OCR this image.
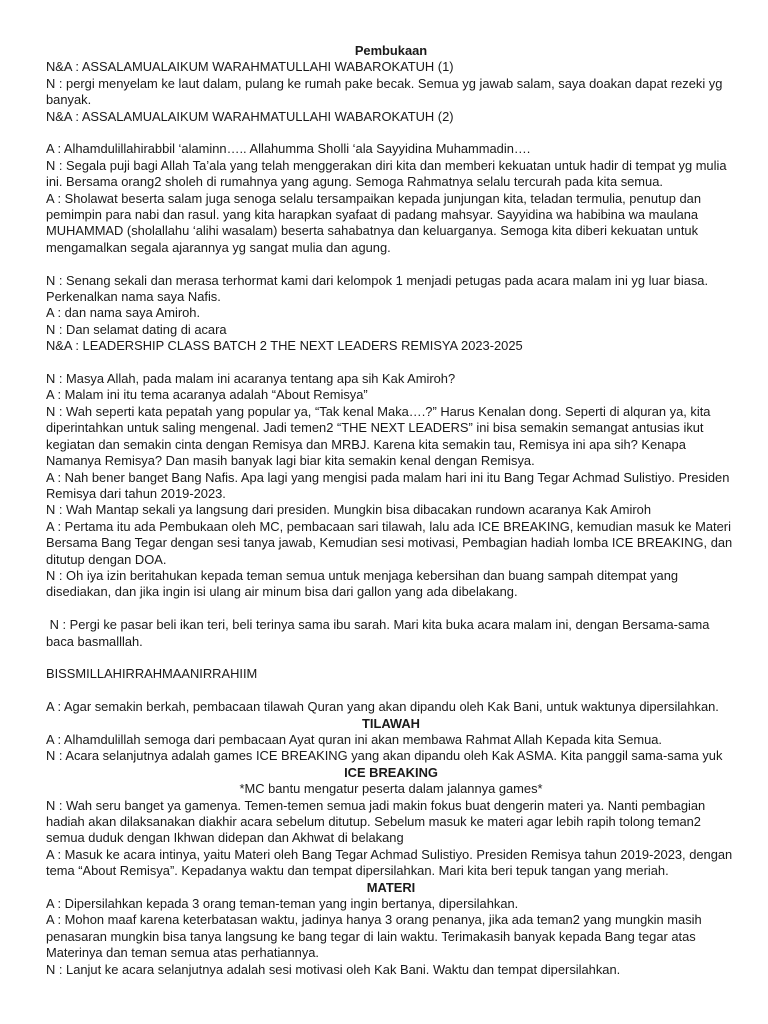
Pembukaan
N&A : ASSALAMUALAIKUM WARAHMATULLAHI WABAROKATUH (1)
N : pergi menyelam ke laut dalam, pulang ke rumah pake becak. Semua yg jawab salam, saya doakan dapat rezeki yg banyak.
N&A : ASSALAMUALAIKUM WARAHMATULLAHI WABAROKATUH (2)
A : Alhamdulillahirabbil ‘alaminn….. Allahumma Sholli ‘ala Sayyidina Muhammadin….
N : Segala puji bagi Allah Ta’ala yang telah menggerakan diri kita dan memberi kekuatan untuk hadir di tempat yg mulia ini. Bersama orang2 sholeh di rumahnya yang agung. Semoga Rahmatnya selalu tercurah pada kita semua.
A : Sholawat beserta salam juga senoga selalu tersampaikan kepada junjungan kita, teladan termulia, penutup dan pemimpin para nabi dan rasul. yang kita harapkan syafaat di padang mahsyar. Sayyidina wa habibina wa maulana MUHAMMAD (sholallahu ‘alihi wasalam) beserta sahabatnya dan keluarganya. Semoga kita diberi kekuatan untuk mengamalkan segala ajarannya yg sangat mulia dan agung.
N : Senang sekali dan merasa terhormat kami dari kelompok 1 menjadi petugas pada acara malam ini yg luar biasa. Perkenalkan nama saya Nafis.
A : dan nama saya Amiroh.
N : Dan selamat dating di acara
N&A : LEADERSHIP CLASS BATCH 2 THE NEXT LEADERS REMISYA 2023-2025
N : Masya Allah, pada malam ini acaranya tentang apa sih Kak Amiroh?
A : Malam ini itu tema acaranya adalah “About Remisya”
N : Wah seperti kata pepatah yang popular ya, “Tak kenal Maka….?” Harus Kenalan dong. Seperti di alquran ya, kita diperintahkan untuk saling mengenal. Jadi temen2 “THE NEXT LEADERS” ini bisa semakin semangat antusias ikut kegiatan dan semakin cinta dengan Remisya dan MRBJ. Karena kita semakin tau, Remisya ini apa sih? Kenapa Namanya Remisya? Dan masih banyak lagi biar kita semakin kenal dengan Remisya.
A : Nah bener banget Bang Nafis. Apa lagi yang mengisi pada malam hari ini itu Bang Tegar Achmad Sulistiyo. Presiden Remisya dari tahun 2019-2023.
N : Wah Mantap sekali ya langsung dari presiden. Mungkin bisa dibacakan rundown acaranya Kak Amiroh
A : Pertama itu ada Pembukaan oleh MC, pembacaan sari tilawah, lalu ada ICE BREAKING, kemudian masuk ke Materi Bersama Bang Tegar dengan sesi tanya jawab, Kemudian sesi motivasi, Pembagian hadiah lomba ICE BREAKING, dan ditutup dengan DOA.
N : Oh iya izin beritahukan kepada teman semua untuk menjaga kebersihan dan buang sampah ditempat yang disediakan, dan jika ingin isi ulang air minum bisa dari gallon yang ada dibelakang.
N : Pergi ke pasar beli ikan teri, beli terinya sama ibu sarah. Mari kita buka acara malam ini, dengan Bersama-sama baca basmalllah.
BISSMILLAHIRRAHMAANIRRAHIIM
A : Agar semakin berkah, pembacaan tilawah Quran yang akan dipandu oleh Kak Bani, untuk waktunya dipersilahkan.
TILAWAH
A : Alhamdulillah semoga dari pembacaan Ayat quran ini akan membawa Rahmat Allah Kepada kita Semua.
N : Acara selanjutnya adalah games ICE BREAKING yang akan dipandu oleh Kak ASMA. Kita panggil sama-sama yuk
ICE BREAKING
*MC bantu mengatur peserta dalam jalannya games*
N : Wah seru banget ya gamenya. Temen-temen semua jadi makin fokus buat dengerin materi ya. Nanti pembagian hadiah akan dilaksanakan diakhir acara sebelum ditutup. Sebelum masuk ke materi agar lebih rapih tolong teman2 semua duduk dengan Ikhwan didepan dan Akhwat di belakang
A : Masuk ke acara intinya, yaitu Materi oleh Bang Tegar Achmad Sulistiyo. Presiden Remisya tahun 2019-2023, dengan tema “About Remisya”. Kepadanya waktu dan tempat dipersilahkan. Mari kita beri tepuk tangan yang meriah.
MATERI
A : Dipersilahkan kepada 3 orang teman-teman yang ingin bertanya, dipersilahkan.
A : Mohon maaf karena keterbatasan waktu, jadinya hanya 3 orang penanya, jika ada teman2 yang mungkin masih penasaran mungkin bisa tanya langsung ke bang tegar di lain waktu. Terimakasih banyak kepada Bang tegar atas Materinya dan teman semua atas perhatiannya.
N : Lanjut ke acara selanjutnya adalah sesi motivasi oleh Kak Bani. Waktu dan tempat dipersilahkan.
